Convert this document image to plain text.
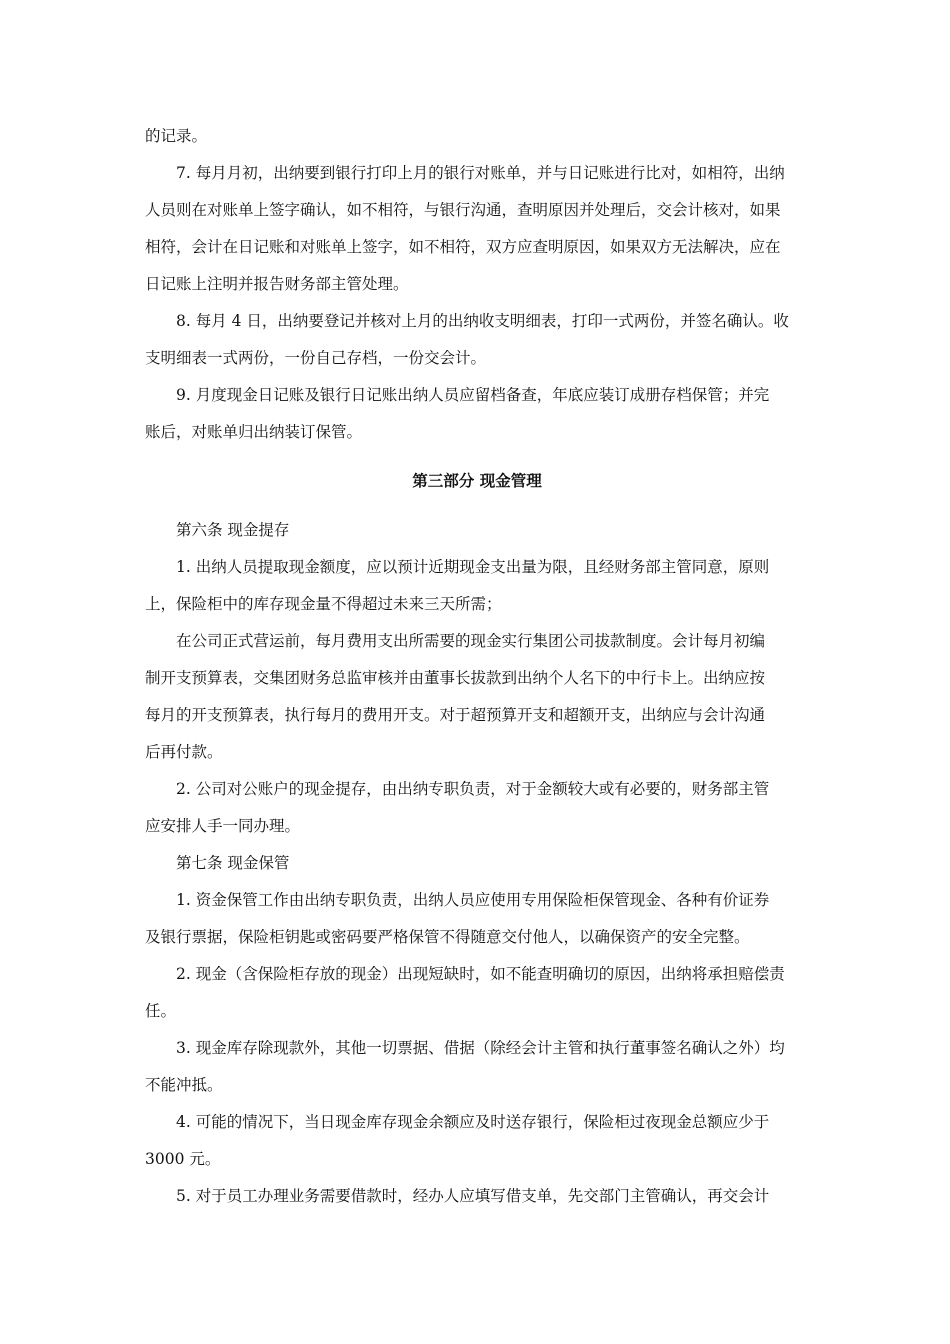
的记录。
7. 每月月初，出纳要到银行打印上月的银行对账单，并与日记账进行比对，如相符，出纳
人员则在对账单上签字确认，如不相符，与银行沟通，查明原因并处理后，交会计核对，如果
相符，会计在日记账和对账单上签字，如不相符，双方应查明原因，如果双方无法解决，应在
日记账上注明并报告财务部主管处理。
8. 每月 4 日，出纳要登记并核对上月的出纳收支明细表，打印一式两份，并签名确认。收
支明细表一式两份，一份自己存档，一份交会计。
9. 月度现金日记账及银行日记账出纳人员应留档备查，年底应装订成册存档保管；并完
账后，对账单归出纳装订保管。
第三部分 现金管理
第六条 现金提存
1. 出纳人员提取现金额度，应以预计近期现金支出量为限，且经财务部主管同意，原则
上，保险柜中的库存现金量不得超过未来三天所需；
在公司正式营运前，每月费用支出所需要的现金实行集团公司拔款制度。会计每月初编
制开支预算表，交集团财务总监审核并由董事长拔款到出纳个人名下的中行卡上。出纳应按
每月的开支预算表，执行每月的费用开支。对于超预算开支和超额开支，出纳应与会计沟通
后再付款。
2. 公司对公账户的现金提存，由出纳专职负责，对于金额较大或有必要的，财务部主管
应安排人手一同办理。
第七条 现金保管
1. 资金保管工作由出纳专职负责，出纳人员应使用专用保险柜保管现金、各种有价证券
及银行票据，保险柜钥匙或密码要严格保管不得随意交付他人，以确保资产的安全完整。
2. 现金（含保险柜存放的现金）出现短缺时，如不能查明确切的原因，出纳将承担赔偿责
任。
3. 现金库存除现款外，其他一切票据、借据（除经会计主管和执行董事签名确认之外）均
不能冲抵。
4. 可能的情况下，当日现金库存现金余额应及时送存银行，保险柜过夜现金总额应少于
3000 元。
5. 对于员工办理业务需要借款时，经办人应填写借支单，先交部门主管确认，再交会计
